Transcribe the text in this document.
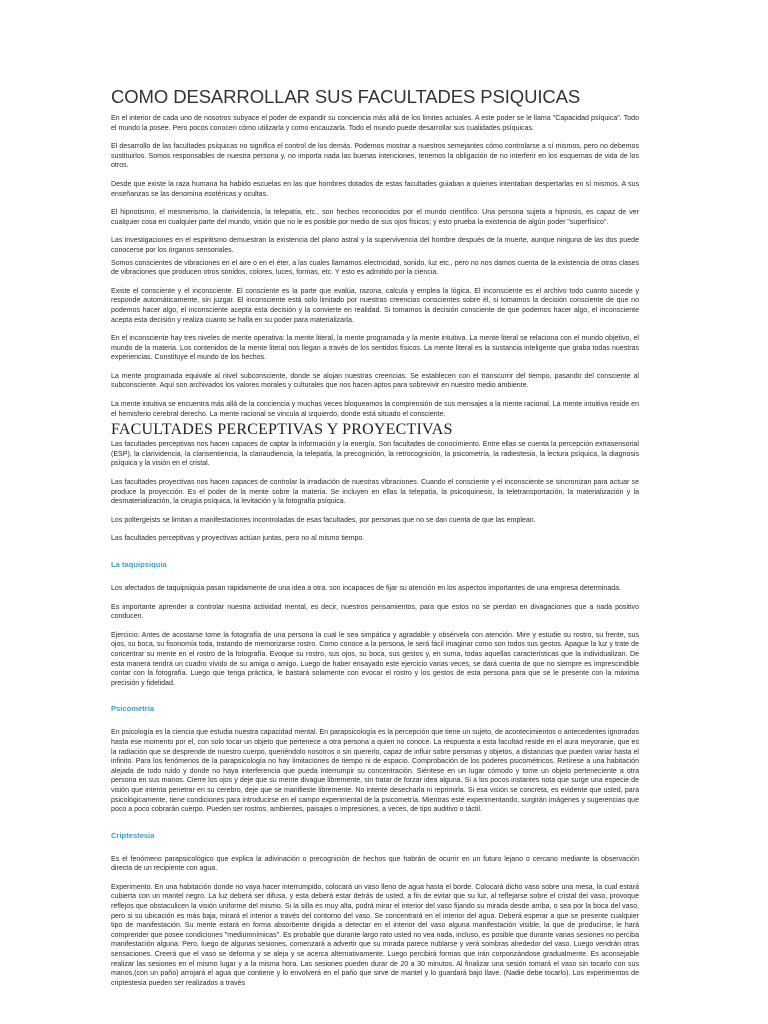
COMO DESARROLLAR SUS FACULTADES PSIQUICAS

En el interior de cada uno de nosotros subyace el poder de expandir su conciencia más allá de los límites actuales. A este poder se le llama "Capacidad psíquica". Todo el mundo la posee. Pero pocos conocen cómo utilizarla y como encauzarla. Todo el mundo puede desarrollar sus cualidades psíquicas.

El desarrollo de las facultades psíquicas no significa el control de los demás. Podemos mostrar a nuestros semejantes cómo controlarse a sí mismos, pero no debemos sustituirlos. Somos responsables de nuestra persona y, no importa nada las buenas intenciones, tenemos la obligación de no interferir en los esquemas de vida de los otros.

Desde que existe la raza humana ha habido escuelas en las que hombres dotados de estas facultades guiaban a quienes intentaban despertarlas en sí mismos. A sus enseñanzas se las denomina esotéricas y ocultas.

El hipnotismo, el mesmerismo, la clarividencia, la telepatía, etc., son hechos reconocidos por el mundo científico. Una persona sujeta a hipnosis, es capaz de ver cualquier cosa en cualquier parte del mundo, visión que no le es posible por medio de sus ojos físicos; y esto prueba la existencia de algún poder "superfísico".

Las investigaciones en el espiritismo demuestran la existencia del plano astral y la supervivencia del hombre después de la muerte, aunque ninguna de las dos puede conocerse por los órganos sensoriales.

Somos conscientes de vibraciones en el aire o en el éter, a las cuales llamamos electricidad, sonido, luz etc., pero no nos damos cuenta de la existencia de otras clases de vibraciones que producen otros sonidos, colores, luces, formas, etc. Y esto es admitido por la ciencia.

Existe el consciente y el inconsciente. El consciente es la parte que evalúa, razona, calcula y emplea la lógica. El inconsciente es el archivo todo cuanto sucede y responde automáticamente, sin juzgar. El inconsciente está solo limitado por nuestras creencias conscientes sobre él, si tomamos la decisión consciente de que no podemos hacer algo, el inconsciente acepta esta decisión y la convierte en realidad. Si tomamos la decisión consciente de que podemos hacer algo, el inconsciente acepta esta decisión y realiza cuanto se halla en su poder para materializarla.

En el inconsciente hay tres niveles de mente operativa: la mente literal, la mente programada y la mente intuitiva. La mente literal se relaciona con el mundo objetivo, el mundo de la materia. Los contenidos de la mente literal nos llegan a través de los sentidos físicos. La mente literal es la sustancia inteligente que graba todas nuestras experiencias. Constituye el mundo de los hechos.

La mente programada equivale al nivel subconsciente, donde se alojan nuestras creencias. Se establecen con el transcurrir del tiempo, pasando del consciente al subconsciente. Aquí son archivados los valores morales y culturales que nos hacen aptos para sobrevivir en nuestro medio ambiente.

La mente intuitiva se encuentra más allá de la conciencia y muchas veces bloqueamos la comprensión de sus mensajes a la mente racional. La mente intuitiva reside en el hemisferio cerebral derecho. La mente racional se vincula al izquierdo, donde está situado el consciente.

FACULTADES PERCEPTIVAS Y PROYECTIVAS

Las facultades perceptivas nos hacen capaces de captar la información y la energía. Son facultades de conocimiento. Entre ellas se cuenta la percepción extrasensorial (ESP), la clarividencia, la clarisentiencia, la clariaudiencia, la telepatía, la precognición, la retrocognición, la psicometría, la radiestesia, la lectura psíquica, la diagnosis psíquica y la visión en el cristal.

Las facultades proyectivas nos hacen capaces de controlar la irradiación de nuestras vibraciones. Cuando el consciente y el inconsciente se sincronizan para actuar se produce la proyección. Es el poder de la mente sobre la materia. Se incluyen en ellas la telepatía, la psicoquinesis, la teletransportación, la materialización y la desmaterialización, la cirugía psíquica, la levitación y la fotografía psíquica.

Los poltergeists se limitan a manifestaciones incontroladas de esas facultades, por personas que no se dan cuenta de que las emplean.

Las facultades perceptivas y proyectivas actúan juntas, pero no al mismo tiempo.

La taquipsiquia

Los afectados de taquipsiquia pasan rapidamente de una idea a otra. son incapaces de fijar su atención en los aspectos importantes de una empresa determinada.

Es importante aprender a controlar nuestra actividad mental, es decir, nuestros pensamientos, para que estos no se pierdan en divagaciones que a nada positivo conducen.

Ejercicio: Antes de acostarse tome la fotografía de una persona la cual le sea simpática y agradable y obsérvela con atención. Mire y estudie su rostro, su frente, sus ojos, su boca, su fisonomía toda, tratando de memorizarse rostro. Como conoce a la persona, le será fácil imaginar como son todos sus gestos. Apague la luz y trate de concentrar su mente en el rostro de la fotografía. Evoque su rostro, sus ojos, su boca, sus gestos y, en suma, todas aquellas características que la individualizan. De esta manera tendrá un cuadro vívido de su amiga o amigo. Luego de haber ensayado este ejercicio varias veces, se dará cuenta de que no siempre es imprescindible contar con la fotografía. Luego que tenga práctica, le bastará solamente con evocar el rostro y los gestos de esta persona para que se le presente con la máxima precisión y fidelidad.

Psicometría

En psicología es la ciencia que estudia nuestra capacidad mental. En parapsicología es la percepción que tiene un sujeto, de acontecimientos o antecedentes ignorados hasta ese momento por el, con solo tocar un objeto que pertenece a otra persona a quien no conoce. La respuesta a esta facultad reside en el aura meyoranie, que es la radiación que se desprende de nuestro cuerpo, queriéndolo nosotros o sin quererlo, capaz de influir sobre personas y objetos, a distancias que pueden variar hasta el infinito. Para los fenómenos de la parapsicología no hay limitaciones de tiempo ni de espacio. Comprobación de los poderes psicométricos. Retírese a una habitación alejada de todo ruido y donde no haya interferencia que pueda interrumpir su concentración. Siéntese en un lugar cómodo y tome un objeto perteneciente a otra persona en sus manos. Cierre los ojos y deje que su mente divague libremente, sin tratar de forzar idea alguna. Si a los pocos instantes nota que surge una especie de visión que intenta penetrar en su cerebro, deje que se manifieste libremente. No intente desecharla ni reprimirla. Si esa visión se concreta, es evidente que usted, para psicológicamente, tiene condiciones para introducirse en el campo experimental de la psicometría. Mientras esté experimentando, surgirán imágenes y sugerencias que poco a poco cobrarán cuerpo. Pueden ser rostros, ambientes, paisajes o impresiones, a veces, de tipo auditivo o táctil.

Criptestesia

Es el fenómeno parapsicológico que explica la adivinación o precognición de hechos que habrán de ocurrir en un futuro lejano o cercano mediante la observación directa de un recipiente con agua.

Experimento. En una habitación donde no vaya hacer interrumpido, colocará un vaso lleno de agua hasta el borde. Colocará dicho vaso sobre una mesa, la cual estará cubierta con un mantel negro. La luz deberá ser difusa, y esta deberá estar detrás de usted, a fin de evitar que su luz, al reflejarse sobre el cristal del vaso, provoque reflejos que obstaculicen la visión uniforme del mismo. Si la silla es muy alta, podrá mirar el interior del vaso fijando su mirada desde arriba, o sea por la boca del vaso, pero si su ubicación es más baja, mirará el interior a través del contorno del vaso. Se concentrará en el interior del agua. Deberá esperar a que se presente cualquier tipo de manifestación. Su mente estará en forma absorbente dirigida a detectar en el interior del vaso alguna manifestación visible, la que de producirse, le hará comprender que posee condiciones "mediumnímicas". Es probable que durante largo rato usted no vea nada, incluso, es posible que durante varias sesiones no perciba manifestación alguna. Pero, luego de algunas sesiones, comenzará a advertir que su mirada parece nublarse y verá sombras alrededor del vaso. Luego vendrán otras sensaciones. Creerá que el vaso se deforma y se aleja y se acerca alternativamente. Luego percibirá formas que irán corporizándose gradualmente. Es aconsejable realizar las sesiones en el mismo lugar y a la misma hora. Las sesiones pueden durar de 20 a 30 minutos. Al finalizar una sesión tomará el vaso sin tocarlo con sus manos,(con un paño) arrojará el agua que contiene y lo envolverá en el paño que sirve de mantel y lo guardará bajo llave. (Nadie debe tocarlo). Los experimentos de criptestesia pueden ser realizados a través
